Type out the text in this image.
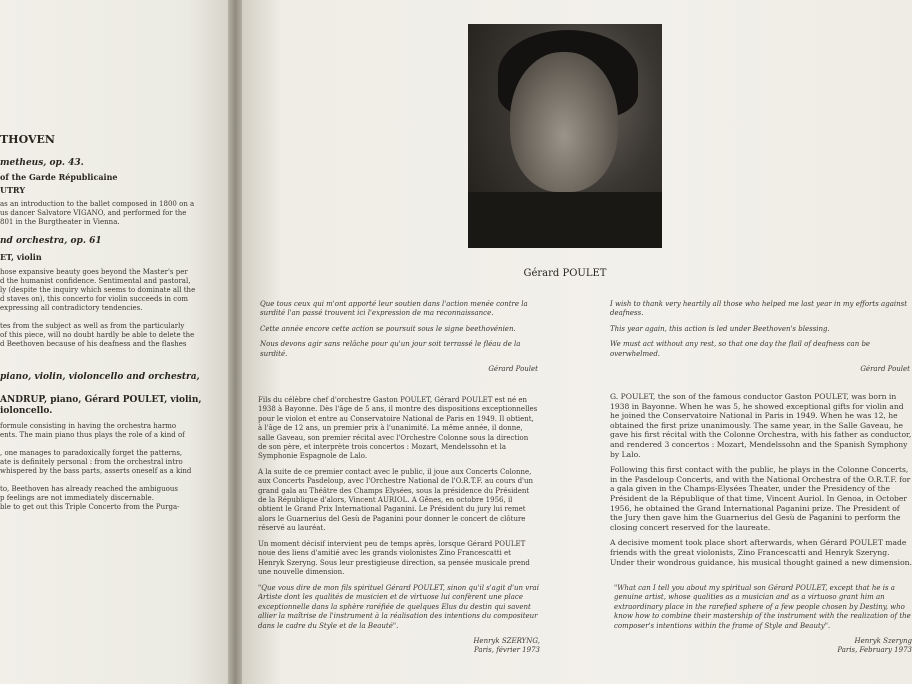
THOVEN
metheus, op. 43.
of the Garde Républicaine
UTRY
as an introduction to the ballet composed in 1800 on a
us dancer Salvatore VIGANO, and performed for the
801 in the Burgtheater in Vienna.
nd orchestra, op. 61
ET, violin
hose expansive beauty goes beyond the Master's per
d the humanist confidence. Sentimental and pastoral,
ly (despite the inquiry which seems to dominate all the
d staves on), this concerto for violin succeeds in com
expressing all contradictory tendencies.

tes from the subject as well as from the particularly
of this piece, will no doubt hardly be able to delete the
d Beethoven because of his deafness and the flashes
piano, violin, violoncello and orchestra,
ANDRUP, piano, Gérard POULET, violin,
ioloncello.
formule consisting in having the orchestra harmo
ents. The main piano thus plays the role of a kind of

, one manages to paradoxically forget the patterns,
ate is definitely personal : from the orchestral intro
whispered by the bass parts, asserts oneself as a kind

to, Beethoven has already reached the ambiguous
p feelings are not immediately discernable.
ble to get out this Triple Concerto from the Purga-
Gérard POULET

Que tous ceux qui m'ont apporté leur soutien dans l'action menée contre la surdité l'an passé trouvent ici l'expression de ma reconnaissance.

Cette année encore cette action se poursuit sous le signe beethovénien.

Nous devons agir sans relâche pour qu'un jour soit terrassé le fléau de la surdité.

Gérard Poulet

Fils du célèbre chef d'orchestre Gaston POULET, Gérard POULET est né en 1938 à Bayonne. Dès l'âge de 5 ans, il montre des dispositions exceptionnelles pour le violon et entre au Conservatoire National de Paris en 1949. Il obtient, à l'âge de 12 ans, un premier prix à l'unanimité. La même année, il donne, salle Gaveau, son premier récital avec l'Orchestre Colonne sous la direction de son père, et interprète trois concertos : Mozart, Mendelssohn et la Symphonie Espagnole de Lalo.

A la suite de ce premier contact avec le public, il joue aux Concerts Colonne, aux Concerts Pasdeloup, avec l'Orchestre National de l'O.R.T.F. au cours d'un grand gala au Théâtre des Champs Elysées, sous la présidence du Président de la République d'alors, Vincent AURIOL. A Gênes, en octobre 1956, il obtient le Grand Prix International Paganini. Le Président du jury lui remet alors le Guarnerius del Gesù de Paganini pour donner le concert de clôture réservé au lauréat.

Un moment décisif intervient peu de temps après, lorsque Gérard POULET noue des liens d'amitié avec les grands violonistes Zino Francescatti et Henryk Szeryng. Sous leur prestigieuse direction, sa pensée musicale prend une nouvelle dimension.

"Que vous dire de mon fils spirituel Gérard POULET, sinon qu'il s'agit d'un vrai Artiste dont les qualités de musicien et de virtuose lui confèrent une place exceptionnelle dans la sphère raréfiée de quelques Elus du destin qui savent allier la maîtrise de l'instrument à la réalisation des intentions du compositeur dans le cadre du Style et de la Beauté".

Henryk SZERYNG,

Paris, février 1973

I wish to thank very heartily all those who helped me last year in my efforts against deafness.

This year again, this action is led under Beethoven's blessing.

We must act without any rest, so that one day the flail of deafness can be overwhelmed.

Gérard Poulet

G. POULET, the son of the famous conductor Gaston POULET, was born in 1938 in Bayonne. When he was 5, he showed exceptional gifts for violin and he joined the Conservatoire National in Paris in 1949. When he was 12, he obtained the first prize unanimously. The same year, in the Salle Gaveau, he gave his first récital with the Colonne Orchestra, with his father as conductor, and rendered 3 concertos : Mozart, Mendelssohn and the Spanish Symphony by Lalo.

Following this first contact with the public, he plays in the Colonne Concerts, in the Pasdeloup Concerts, and with the National Orchestra of the O.R.T.F. for a gala given in the Champs-Elysées Theater, under the Presidency of the Président de la République of that time, Vincent Auriol. In Genoa, in October 1956, he obtained the Grand International Paganini prize. The President of the Jury then gave him the Guarnerius del Gesù de Paganini to perform the closing concert reserved for the laureate.

A decisive moment took place short afterwards, when Gérard POULET made friends with the great violonists, Zino Francescatti and Henryk Szeryng. Under their wondrous guidance, his musical thought gained a new dimension.

"What can I tell you about my spiritual son Gérard POULET, except that he is a genuine artist, whose qualities as a musician and as a virtuoso grant him an extraordinary place in the rarefied sphere of a few people chosen by Destiny, who know how to combine their mastership of the instrument with the realization of the composer's intentions within the frame of Style and Beauty".

Henryk Szeryng

Paris, February 1973
